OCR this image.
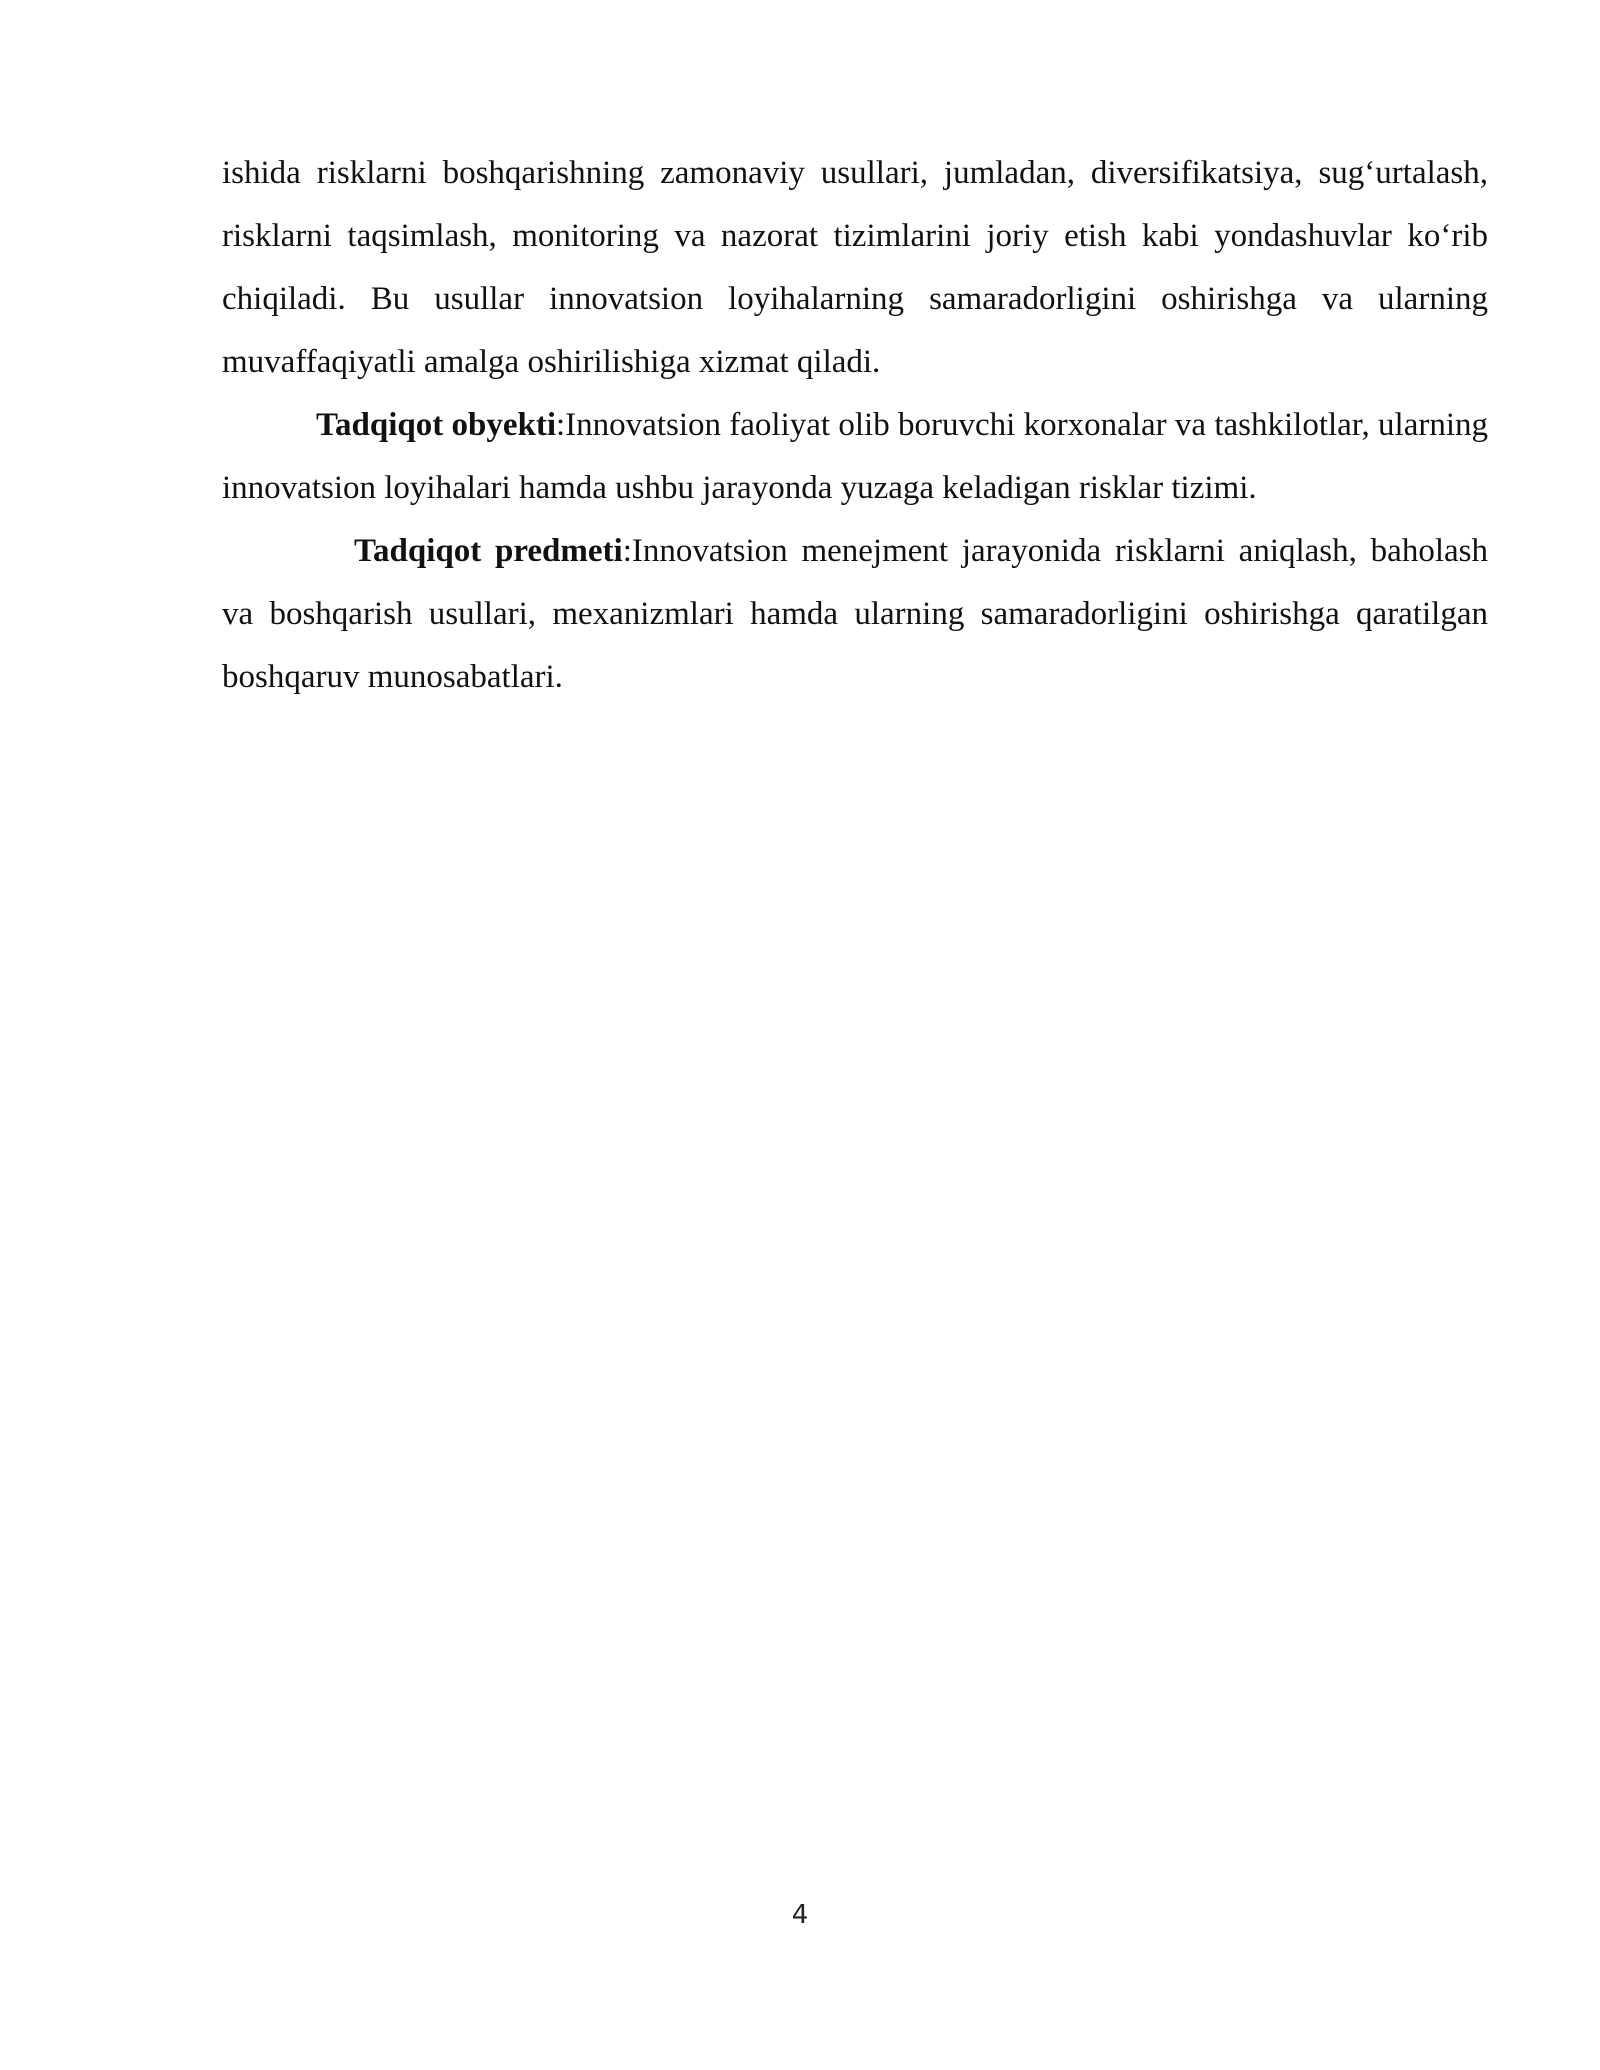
ishida risklarni boshqarishning zamonaviy usullari, jumladan, diversifikatsiya, sug‘urtalash, risklarni taqsimlash, monitoring va nazorat tizimlarini joriy etish kabi yondashuvlar ko‘rib chiqiladi. Bu usullar innovatsion loyihalarning samaradorligini oshirishga va ularning muvaffaqiyatli amalga oshirilishiga xizmat qiladi.

Tadqiqot obyekti:Innovatsion faoliyat olib boruvchi korxonalar va tashkilotlar, ularning innovatsion loyihalari hamda ushbu jarayonda yuzaga keladigan risklar tizimi.

Tadqiqot predmeti:Innovatsion menejment jarayonida risklarni aniqlash, baholash va boshqarish usullari, mexanizmlari hamda ularning samaradorligini oshirishga qaratilgan boshqaruv munosabatlari.

4
